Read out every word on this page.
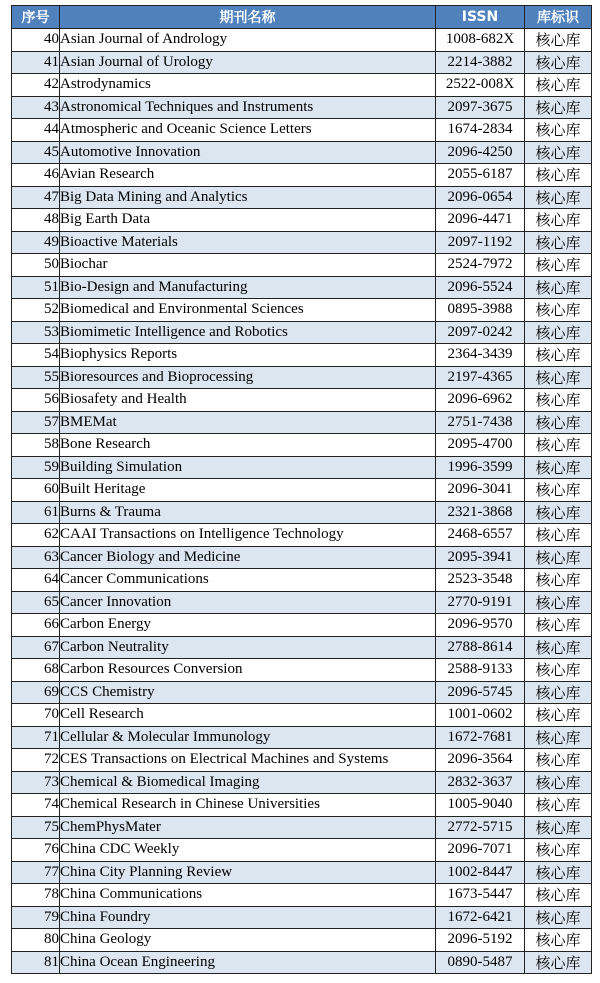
序号	期刊名称	ISSN	库标识
40	Asian Journal of Andrology	1008-682X	核心库
41	Asian Journal of Urology	2214-3882	核心库
42	Astrodynamics	2522-008X	核心库
43	Astronomical Techniques and Instruments	2097-3675	核心库
44	Atmospheric and Oceanic Science Letters	1674-2834	核心库
45	Automotive Innovation	2096-4250	核心库
46	Avian Research	2055-6187	核心库
47	Big Data Mining and Analytics	2096-0654	核心库
48	Big Earth Data	2096-4471	核心库
49	Bioactive Materials	2097-1192	核心库
50	Biochar	2524-7972	核心库
51	Bio-Design and Manufacturing	2096-5524	核心库
52	Biomedical and Environmental Sciences	0895-3988	核心库
53	Biomimetic Intelligence and Robotics	2097-0242	核心库
54	Biophysics Reports	2364-3439	核心库
55	Bioresources and Bioprocessing	2197-4365	核心库
56	Biosafety and Health	2096-6962	核心库
57	BMEMat	2751-7438	核心库
58	Bone Research	2095-4700	核心库
59	Building Simulation	1996-3599	核心库
60	Built Heritage	2096-3041	核心库
61	Burns & Trauma	2321-3868	核心库
62	CAAI Transactions on Intelligence Technology	2468-6557	核心库
63	Cancer Biology and Medicine	2095-3941	核心库
64	Cancer Communications	2523-3548	核心库
65	Cancer Innovation	2770-9191	核心库
66	Carbon Energy	2096-9570	核心库
67	Carbon Neutrality	2788-8614	核心库
68	Carbon Resources Conversion	2588-9133	核心库
69	CCS Chemistry	2096-5745	核心库
70	Cell Research	1001-0602	核心库
71	Cellular & Molecular Immunology	1672-7681	核心库
72	CES Transactions on Electrical Machines and Systems	2096-3564	核心库
73	Chemical & Biomedical Imaging	2832-3637	核心库
74	Chemical Research in Chinese Universities	1005-9040	核心库
75	ChemPhysMater	2772-5715	核心库
76	China CDC Weekly	2096-7071	核心库
77	China City Planning Review	1002-8447	核心库
78	China Communications	1673-5447	核心库
79	China Foundry	1672-6421	核心库
80	China Geology	2096-5192	核心库
81	China Ocean Engineering	0890-5487	核心库
